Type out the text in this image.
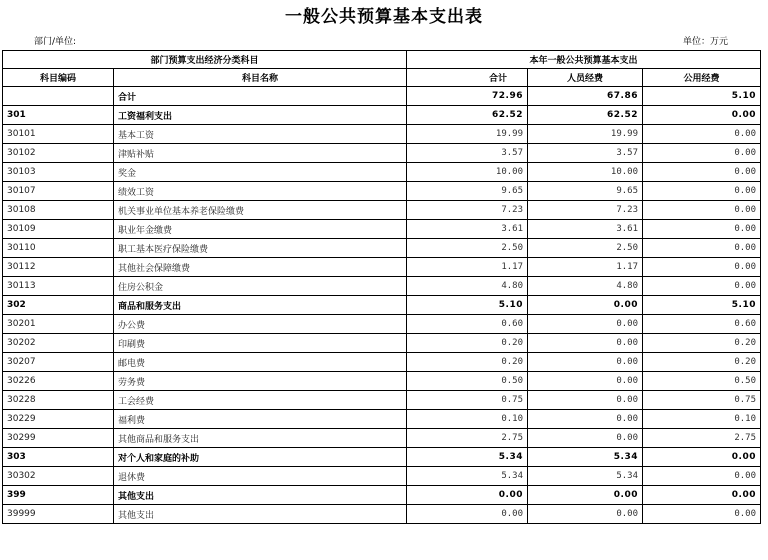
一般公共预算基本支出表
部门/单位:	单位：万元
部门预算支出经济分类科目		本年一般公共预算基本支出		
科目编码	科目名称	合计	人员经费	公用经费
	合计	72.96	67.86	5.10
301	工资福利支出	62.52	62.52	0.00
30101	基本工资	19.99	19.99	0.00
30102	津贴补贴	3.57	3.57	0.00
30103	奖金	10.00	10.00	0.00
30107	绩效工资	9.65	9.65	0.00
30108	机关事业单位基本养老保险缴费	7.23	7.23	0.00
30109	职业年金缴费	3.61	3.61	0.00
30110	职工基本医疗保险缴费	2.50	2.50	0.00
30112	其他社会保障缴费	1.17	1.17	0.00
30113	住房公积金	4.80	4.80	0.00
302	商品和服务支出	5.10	0.00	5.10
30201	办公费	0.60	0.00	0.60
30202	印刷费	0.20	0.00	0.20
30207	邮电费	0.20	0.00	0.20
30226	劳务费	0.50	0.00	0.50
30228	工会经费	0.75	0.00	0.75
30229	福利费	0.10	0.00	0.10
30299	其他商品和服务支出	2.75	0.00	2.75
303	对个人和家庭的补助	5.34	5.34	0.00
30302	退休费	5.34	5.34	0.00
399	其他支出	0.00	0.00	0.00
39999	其他支出	0.00	0.00	0.00
